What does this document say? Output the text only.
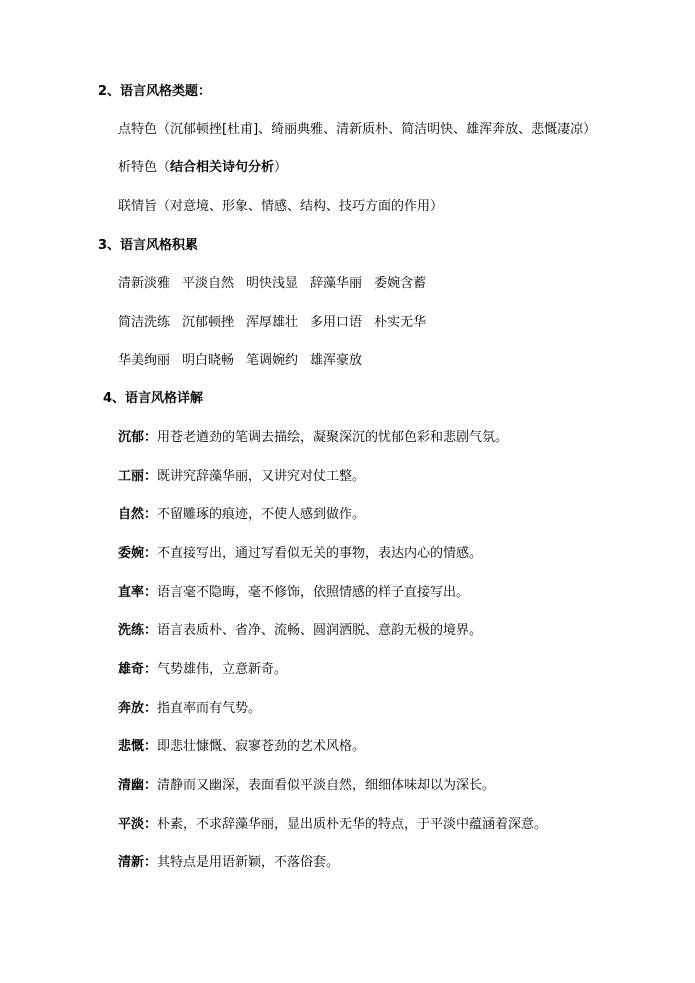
2、语言风格类题：
点特色（沉郁顿挫[杜甫]、绮丽典雅、清新质朴、简洁明快、雄浑奔放、悲慨凄凉）
析特色（结合相关诗句分析）
联情旨（对意境、形象、情感、结构、技巧方面的作用）
3、语言风格积累
清新淡雅 平淡自然 明快浅显 辞藻华丽 委婉含蓄
简洁洗练 沉郁顿挫 浑厚雄壮 多用口语 朴实无华
华美绚丽 明白晓畅 笔调婉约 雄浑豪放
4、语言风格详解
沉郁：用苍老遒劲的笔调去描绘，凝聚深沉的忧郁色彩和悲剧气氛。
工丽：既讲究辞藻华丽，又讲究对仗工整。
自然：不留雕琢的痕迹，不使人感到做作。
委婉：不直接写出，通过写看似无关的事物，表达内心的情感。
直率：语言毫不隐晦，毫不修饰，依照情感的样子直接写出。
洗练：语言表质朴、省净、流畅、圆润洒脱、意韵无极的境界。
雄奇：气势雄伟，立意新奇。
奔放：指直率而有气势。
悲慨：即悲壮慷慨、寂寥苍劲的艺术风格。
清幽：清静而又幽深，表面看似平淡自然，细细体味却以为深长。
平淡：朴素，不求辞藻华丽，显出质朴无华的特点，于平淡中蕴涵着深意。
清新：其特点是用语新颖，不落俗套。
